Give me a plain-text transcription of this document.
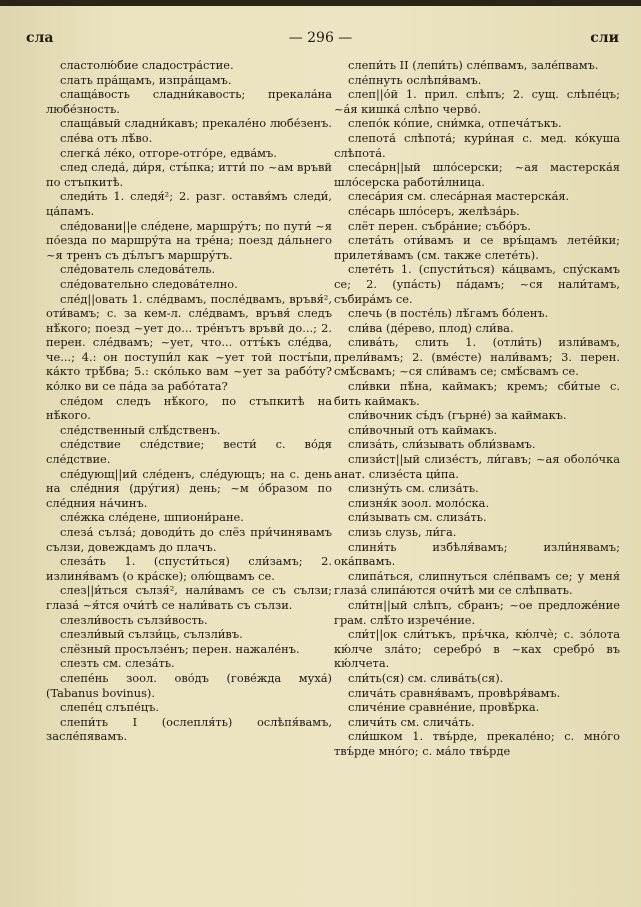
сла	— 296 —	сли

сластолю́бие сладостра́стие.

слать пра́щамъ, изпра́щамъ.

слаща́вость сладни́кавость; прекала́на любе́зность.

слаща́вый сладни́кавъ; прекале́но любе́зенъ.

сле́ва отъ лѣ́во.

слегка́ ле́ко, отгоре-отго́ре, едва́мъ.

след следа́, ди́ря, стъ́пка; итти́ по ~ам връвй по стъпкитѣ.

следи́ть 1. следя́²; 2. разг. оставя́мъ следи́, ца́памъ.

сле́довани||е сле́дене, маршру́тъ; по пути́ ~я по́езда по маршру́та на тре́на; поезд да́льнего ~я тренъ съ дъ́лъгъ маршру́тъ.

сле́дователь следова́тель.

сле́довательно следова́телно.

сле́д||овать 1. сле́двамъ, после́двамъ, връвя́², оти́вамъ; с. за кем-л. сле́двамъ, връвя́ следъ нѣ́кого; поезд ~ует до... тре́нътъ връвй до...; 2. перен. сле́двамъ; ~ует, что... оттъ́къ сле́два, че...; 4.: он поступи́л как ~ует той постъ́пи, ка́кто трѣ́бва; 5.: ско́лько вам ~ует за рабо́ту? ко́лко ви се па́да за рабо́тата?

сле́дом следъ нѣ́кого, по стъпкитѣ на нѣ́кого.

сле́дственный слѣ́дственъ.

сле́дствие сле́дствие; вести́ с. во́дя сле́дствие.

сле́дующ||ий сле́денъ, сле́дующъ; на с. день на сле́дния (дру́гия) день; ~м о́бразом по сле́дния на́чинъ.

сле́жка сле́дене, шпиони́ране.

слеза́ сълза́; доводи́ть до слёз при́чинявамъ сълзи, довеждамъ до плачъ.

слеза́ть 1. (спусти́ться) сли́замъ; 2. излиня́вамъ (о кра́ске); олю́щвамъ се.

слез||и́ться сълзя́², нали́вамъ се съ сълзи; глаза́ ~я́тся очи́тѣ се нали́вать съ сълзи.

слезли́вость сълзи́вость.

слезли́вый сълзи́ць, сълзли́въ.

слёзный просълзе́нъ; перен. нажале́нъ.

слезть см. слеза́ть.

слепе́нь зоол. ово́дъ (гове́жда муха́) (Tabanus bovinus).

слепе́ц слъпе́цъ.

слепи́ть I (ослепля́ть) ослѣпя́вамъ, засле́пявамъ.

слепи́ть II (лепи́ть) сле́пвамъ, зале́пвамъ.

сле́пнуть ослѣпя́вамъ.

слеп||о́й 1. прил. слѣпъ; 2. сущ. слѣпе́цъ; ~а́я кишка́ слѣпо черво́.

слепо́к ко́пие, сни́мка, отпеча́тъкъ.

слепота́ слѣпота́; кури́ная с. мед. ко́куша слѣпота́.

слеса́рн||ый шло́серски; ~ая мастерска́я шло́серска работи́лница.

слеса́рия см. слеса́рная мастерска́я.

сле́сарь шло́серъ, желѣза́рь.

слёт перен. събра́ние; събо́ръ.

слета́ть оти́вамъ и се връ́щамъ лете́йки; прилетя́вамъ (см. также слете́ть).

слете́ть 1. (спусти́ться) ка́цвамъ, спу́скамъ се; 2. (упа́сть) па́дамъ; ~ся нали́тамъ, събира́мъ се.

слечь (в посте́ль) лѣ́гамъ бо́ленъ.

сли́ва (де́рево, плод) сли́ва.

слива́ть, слить 1. (отли́ть) изли́вамъ, прели́вамъ; 2. (вме́сте) нали́вамъ; 3. перен. смѣ́свамъ; ~ся сли́вамъ се; смѣ́свамъ се.

сли́вки пѣ́на, каймакъ; кремъ; сби́тые с. бить каймакъ.

сли́вочник съ́дъ (гърне́) за каймакъ.

сли́вочный отъ каймакъ.

слиза́ть, сли́зывать обли́звамъ.

слизи́ст||ый слизе́стъ, ли́гавъ; ~ая оболо́чка анат. слизе́ста ци́па.

слизну́ть см. слиза́ть.

слизня́к зоол. моло́ска.

сли́зывать см. слиза́ть.

слизь слузь, ли́га.

слиня́ть избѣля́вамъ; изли́нявамъ; ока́пвамъ.

слипа́ться, слипнуться сле́пвамъ се; у меня́ глаза́ слипа́ются очи́тѣ ми се слѣпвать.

сли́тн||ый слѣпъ, сбранъ; ~ое предложе́ние грам. слѣ́то изрече́ние.

сли́т||ок сли́тъкъ, пръ́чка, кю́лчѐ; с. зо́лота кю́лче зла́то; серебро́ в ~ках сребро́ въ кю́лчета.

сли́ть(ся) см. слива́ть(ся).

слича́ть сравня́вамъ, провѣря́вамъ.

сличе́ние сравне́ние, провѣ́рка.

сличи́ть см. слича́ть.

сли́шком 1. твъ́рде, прекале́но; с. мно́го твъ́рде мно́го; с. ма́ло твъ́рде
